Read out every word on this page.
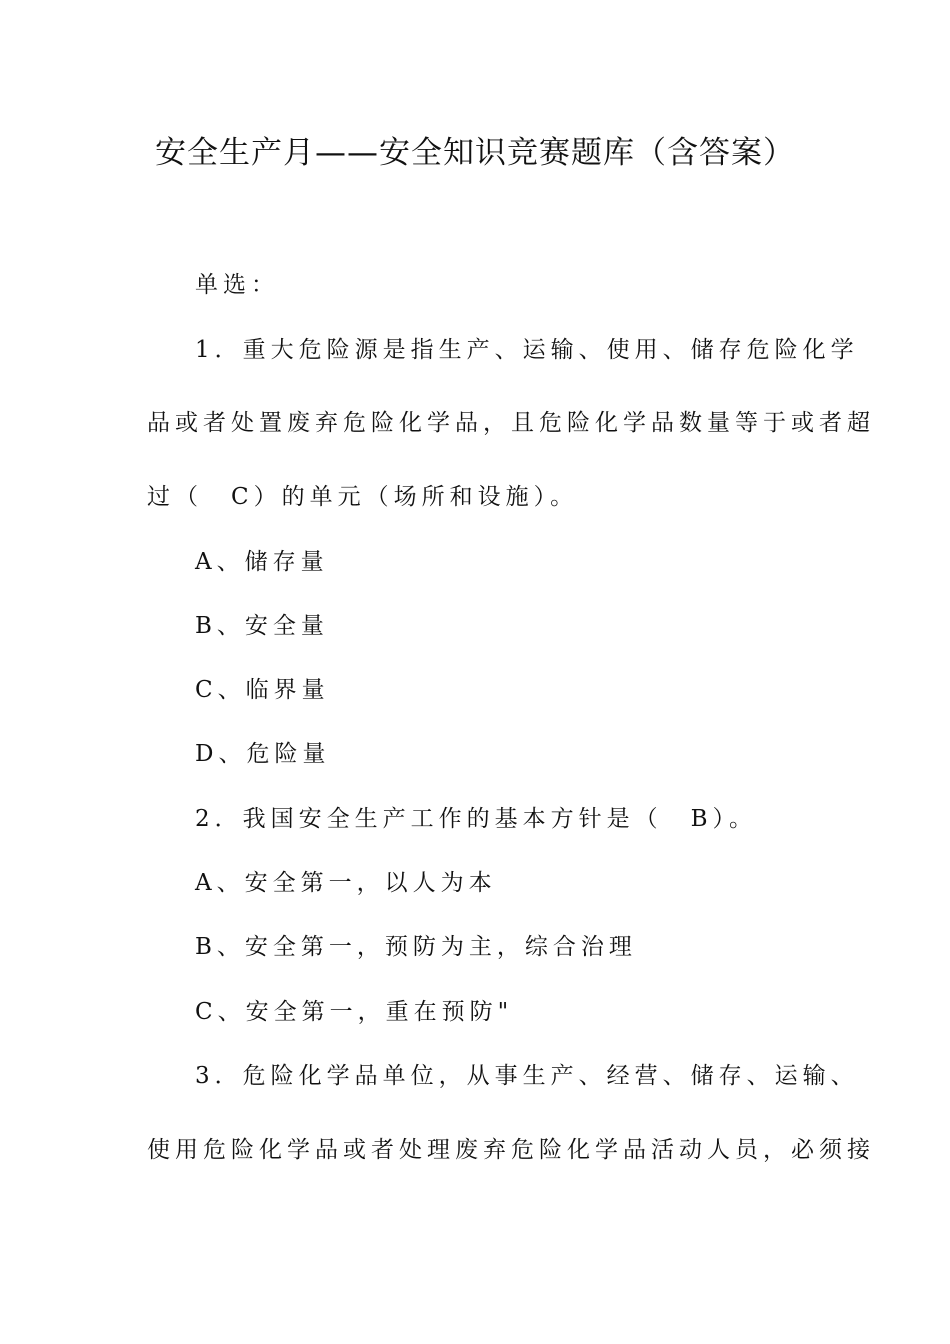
安全生产月——安全知识竞赛题库（含答案）
单选：
1．重大危险源是指生产、运输、使用、储存危险化学
品或者处置废弃危险化学品，且危险化学品数量等于或者超
过（　C）的单元（场所和设施）。
A、储存量
B、安全量
C、临界量
D、危险量
2．我国安全生产工作的基本方针是（　B）。
A、安全第一，以人为本
B、安全第一，预防为主，综合治理
C、安全第一，重在预防"
3．危险化学品单位，从事生产、经营、储存、运输、
使用危险化学品或者处理废弃危险化学品活动人员，必须接
